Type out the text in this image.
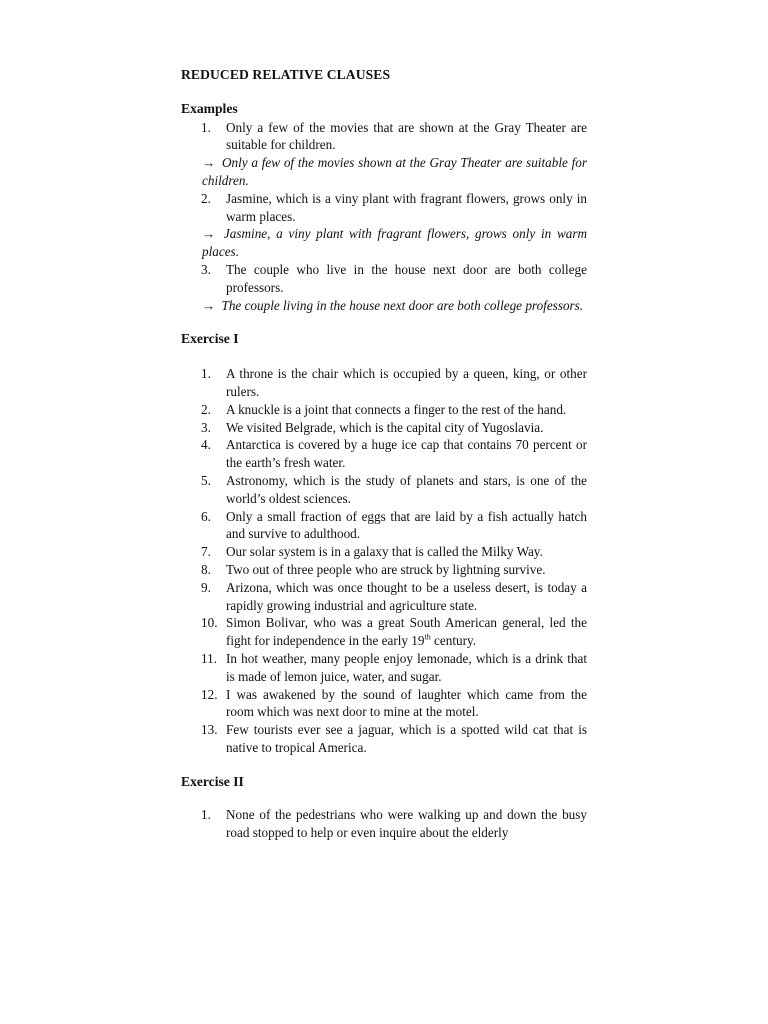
REDUCED RELATIVE CLAUSES
Examples
1. Only a few of the movies that are shown at the Gray Theater are suitable for children.
→ Only a few of the movies shown at the Gray Theater are suitable for children.
2. Jasmine, which is a viny plant with fragrant flowers, grows only in warm places.
→ Jasmine, a viny plant with fragrant flowers, grows only in warm places.
3. The couple who live in the house next door are both college professors.
→ The couple living in the house next door are both college professors.
Exercise I
1. A throne is the chair which is occupied by a queen, king, or other rulers.
2. A knuckle is a joint that connects a finger to the rest of the hand.
3. We visited Belgrade, which is the capital city of Yugoslavia.
4. Antarctica is covered by a huge ice cap that contains 70 percent or the earth’s fresh water.
5. Astronomy, which is the study of planets and stars, is one of the world’s oldest sciences.
6. Only a small fraction of eggs that are laid by a fish actually hatch and survive to adulthood.
7. Our solar system is in a galaxy that is called the Milky Way.
8. Two out of three people who are struck by lightning survive.
9. Arizona, which was once thought to be a useless desert, is today a rapidly growing industrial and agriculture state.
10. Simon Bolivar, who was a great South American general, led the fight for independence in the early 19th century.
11. In hot weather, many people enjoy lemonade, which is a drink that is made of lemon juice, water, and sugar.
12. I was awakened by the sound of laughter which came from the room which was next door to mine at the motel.
13. Few tourists ever see a jaguar, which is a spotted wild cat that is native to tropical America.
Exercise II
1. None of the pedestrians who were walking up and down the busy road stopped to help or even inquire about the elderly
